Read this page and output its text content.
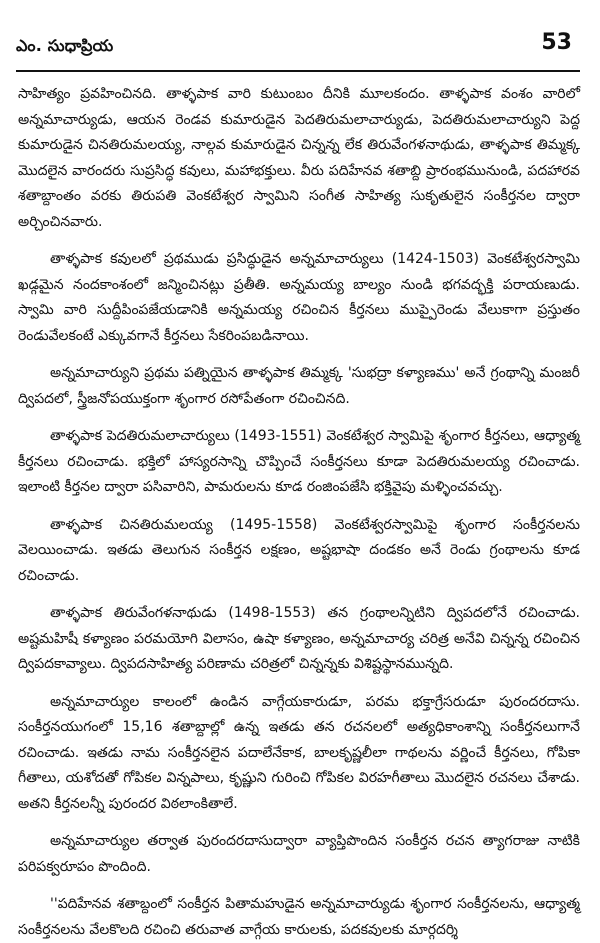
ఎం. సుధాప్రియ	53

సాహిత్యం ప్రవహించినది. తాళ్ళపాక వారి కుటుంబం దీనికి మూలకందం. తాళ్ళపాక వంశం వారిలో అన్నమాచార్యుడు, ఆయన రెండవ కుమారుడైన పెదతిరుమలాచార్యుడు, పెదతిరుమలాచార్యుని పెద్ద కుమారుడైన చినతిరుమలయ్య, నాల్గవ కుమారుడైన చిన్నన్న లేక తిరువేంగళనాథుడు, తాళ్ళపాక తిమ్మక్క మొదలైన వారందరు సుప్రసిద్ధ కవులు, మహాభక్తులు. వీరు పదిహేనవ శతాబ్ది ప్రారంభమునుండి, పదహారవ శతాబ్దాంతం వరకు తిరుపతి వెంకటేశ్వర స్వామిని సంగీత సాహిత్య సుకృతులైన సంకీర్తనల ద్వారా అర్చించినవారు.

తాళ్ళపాక కవులలో ప్రథముడు ప్రసిద్ధుడైన అన్నమాచార్యులు (1424-1503) వెంకటేశ్వరస్వామి ఖడ్గమైన నందకాంశంలో జన్మించినట్లు ప్రతీతి. అన్నమయ్య బాల్యం నుండి భగవద్భక్తి పరాయణుడు. స్వామి వారి సుద్దీపింపజేయడానికి అన్నమయ్య రచించిన కీర్తనలు ముప్పైరెండు వేలుకాగా ప్రస్తుతం రెండువేలకంటే ఎక్కువగానే కీర్తనలు సేకరింపబడినాయి.

అన్నమాచార్యుని ప్రథమ పత్నియైన తాళ్ళపాక తిమ్మక్క 'సుభద్రా కళ్యాణము' అనే గ్రంథాన్ని మంజరీ ద్విపదలో, స్త్రీజనోపయుక్తంగా శృంగార రసోపేతంగా రచించినది.

తాళ్ళపాక పెదతిరుమలాచార్యులు (1493-1551) వెంకటేశ్వర స్వామిపై శృంగార కీర్తనలు, ఆధ్యాత్మ కీర్తనలు రచించాడు. భక్తిలో హాస్యరసాన్ని చొప్పించే సంకీర్తనలు కూడా పెదతిరుమలయ్య రచించాడు. ఇలాంటి కీర్తనల ద్వారా పసివారిని, పామరులను కూడ రంజింపజేసి భక్తివైపు మళ్ళించవచ్చు.

తాళ్ళపాక చినతిరుమలయ్య (1495-1558) వెంకటేశ్వరస్వామిపై శృంగార సంకీర్తనలను వెలయించాడు. ఇతడు తెలుగున సంకీర్తన లక్షణం, అష్టభాషా దండకం అనే రెండు గ్రంథాలను కూడ రచించాడు.

తాళ్ళపాక తిరువేంగళనాథుడు (1498-1553) తన గ్రంథాలన్నిటిని ద్విపదలోనే రచించాడు. అష్టమహిషీ కళ్యాణం పరమయోగి విలాసం, ఉషా కళ్యాణం, అన్నమాచార్య చరిత్ర అనేవి చిన్నన్న రచించిన ద్విపదకావ్యాలు. ద్విపదసాహిత్య పరిణామ చరిత్రలో చిన్నన్నకు విశిష్టస్థానమున్నది.

అన్నమాచార్యుల కాలంలో ఉండిన వాగ్గేయకారుడూ, పరమ భక్తాగ్రేసరుడూ పురందరదాసు. సంకీర్తనయుగంలో 15,16 శతాబ్దాల్లో ఉన్న ఇతడు తన రచనలలో అత్యధికాంశాన్ని సంకీర్తనలుగానే రచించాడు. ఇతడు నామ సంకీర్తనలైన పదాలేనేకాక, బాలకృష్ణలీలా గాథలను వర్ణించే కీర్తనలు, గోపికా గీతాలు, యశోదతో గోపికల విన్నపాలు, కృష్ణుని గురించి గోపికల విరహగీతాలు మొదలైన రచనలు చేశాడు. అతని కీర్తనలన్నీ పురందర విఠలాంకితాలే.

అన్నమాచార్యుల తర్వాత పురందరదాసుద్వారా వ్యాప్తిపొందిన సంకీర్తన రచన త్యాగరాజు నాటికి పరిపక్వరూపం పొందింది.

''పదిహేనవ శతాబ్దంలో సంకీర్తన పితామహుడైన అన్నమాచార్యుడు శృంగార సంకీర్తనలను, ఆధ్యాత్మ సంకీర్తనలను వేలకొలది రచించి తరువాత వాగ్గేయ కారులకు, పదకవులకు మార్గదర్శి
